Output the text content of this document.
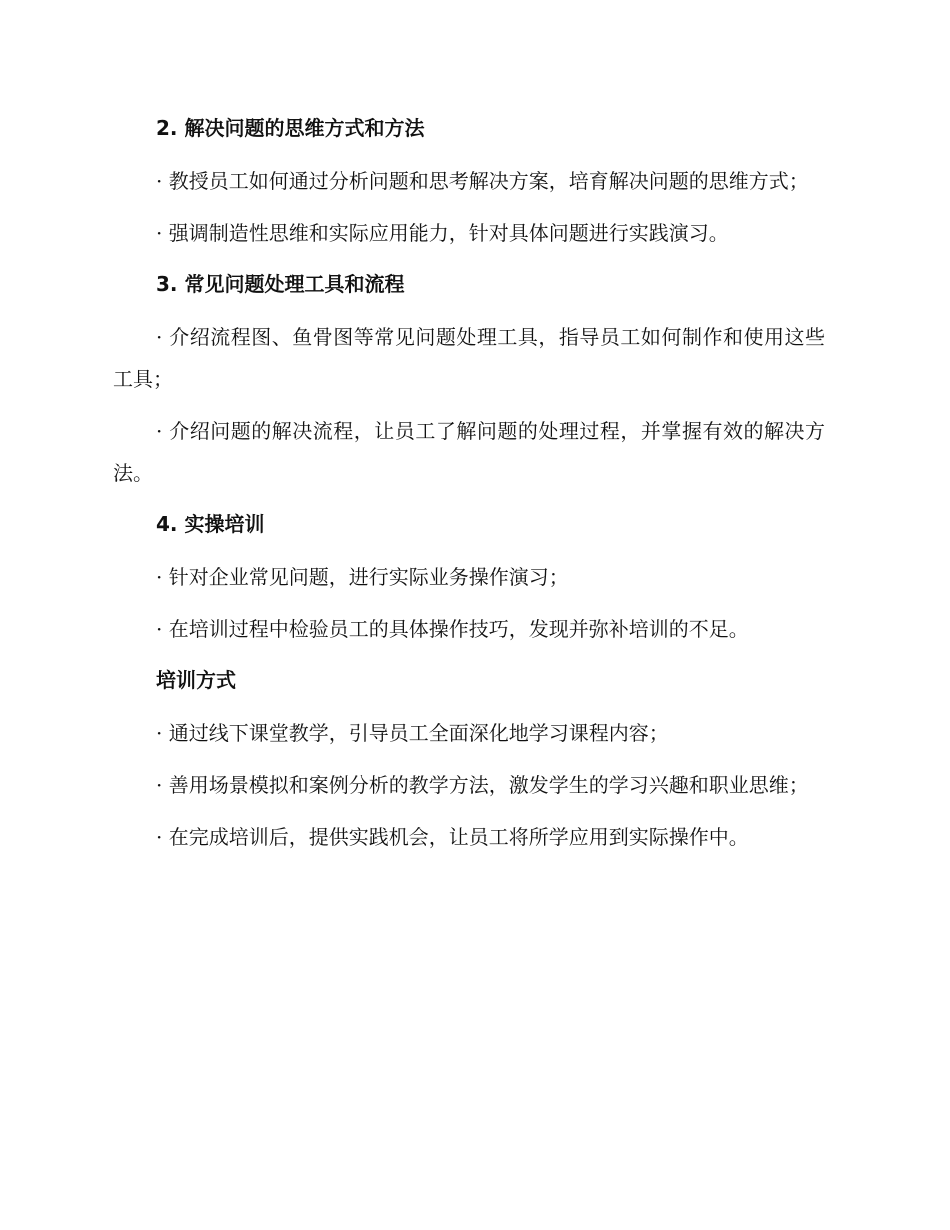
2. 解决问题的思维方式和方法

· 教授员工如何通过分析问题和思考解决方案，培育解决问题的思维方式；

· 强调制造性思维和实际应用能力，针对具体问题进行实践演习。

3. 常见问题处理工具和流程

· 介绍流程图、鱼骨图等常见问题处理工具，指导员工如何制作和使用这些工具；

· 介绍问题的解决流程，让员工了解问题的处理过程，并掌握有效的解决方法。

4. 实操培训

· 针对企业常见问题，进行实际业务操作演习；

· 在培训过程中检验员工的具体操作技巧，发现并弥补培训的不足。

培训方式

· 通过线下课堂教学，引导员工全面深化地学习课程内容；

· 善用场景模拟和案例分析的教学方法，激发学生的学习兴趣和职业思维；

· 在完成培训后，提供实践机会，让员工将所学应用到实际操作中。
